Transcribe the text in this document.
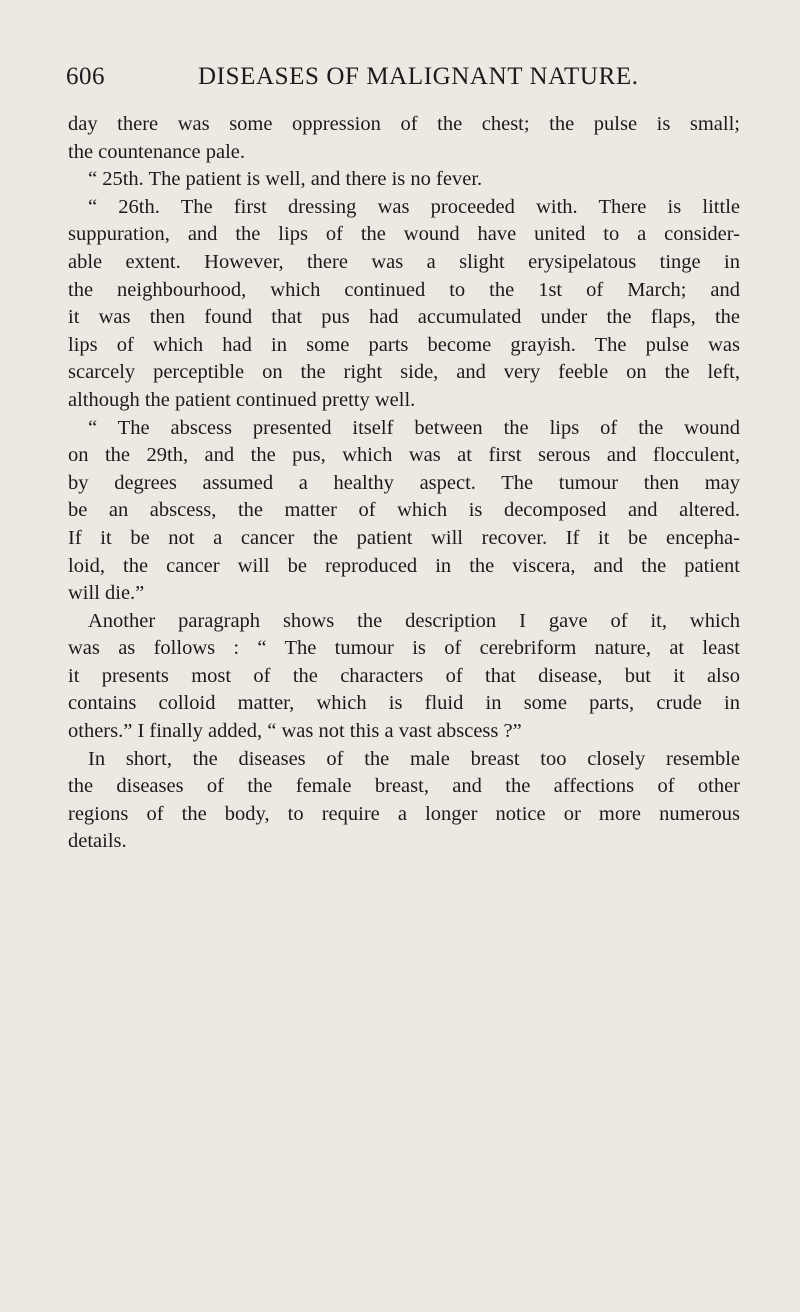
606	DISEASES OF MALIGNANT NATURE.
day there was some oppression of the chest; the pulse is small;
the countenance pale.
“ 25th. The patient is well, and there is no fever.
“ 26th. The first dressing was proceeded with. There is little
suppuration, and the lips of the wound have united to a consider-
able extent. However, there was a slight erysipelatous tinge in
the neighbourhood, which continued to the 1st of March; and
it was then found that pus had accumulated under the flaps, the
lips of which had in some parts become grayish. The pulse was
scarcely perceptible on the right side, and very feeble on the left,
although the patient continued pretty well.
“ The abscess presented itself between the lips of the wound
on the 29th, and the pus, which was at first serous and flocculent,
by degrees assumed a healthy aspect. The tumour then may
be an abscess, the matter of which is decomposed and altered.
If it be not a cancer the patient will recover. If it be encepha-
loid, the cancer will be reproduced in the viscera, and the patient
will die.”
Another paragraph shows the description I gave of it, which
was as follows : “ The tumour is of cerebriform nature, at least
it presents most of the characters of that disease, but it also
contains colloid matter, which is fluid in some parts, crude in
others.” I finally added, “ was not this a vast abscess ?”
In short, the diseases of the male breast too closely resemble
the diseases of the female breast, and the affections of other
regions of the body, to require a longer notice or more numerous
details.
